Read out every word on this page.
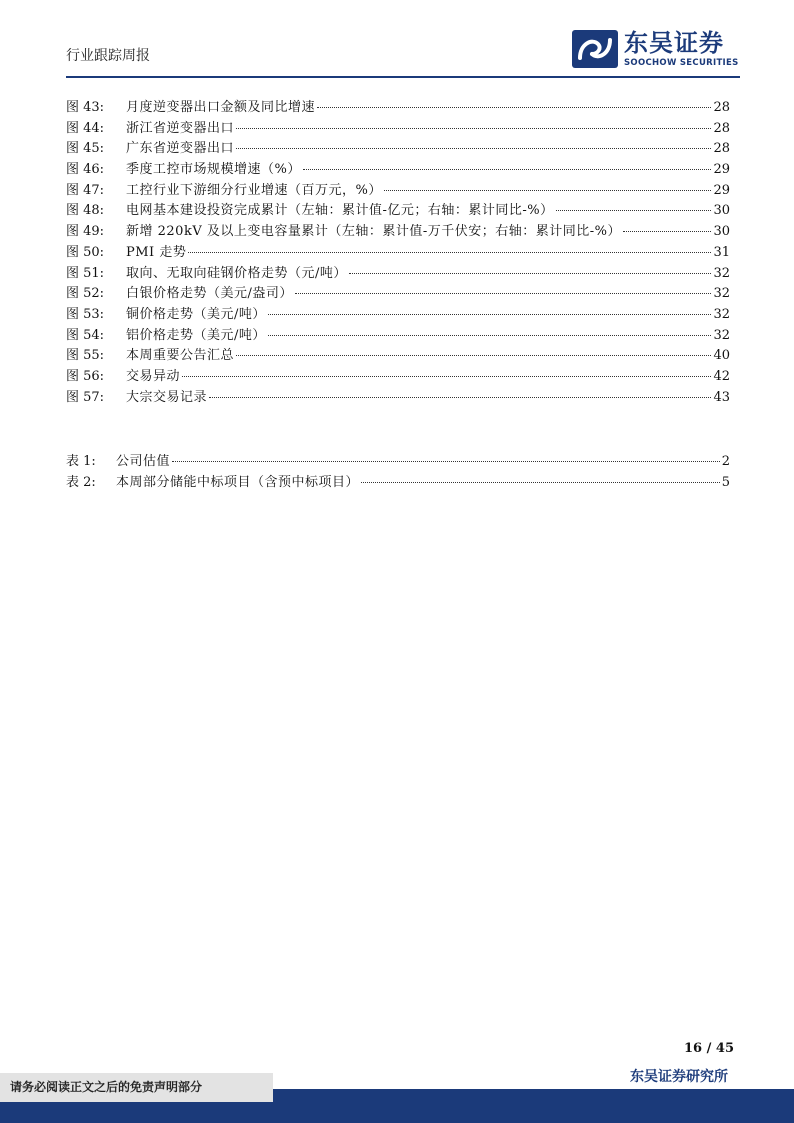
行业跟踪周报	东吴证券
SOOCHOW SECURITIES
图 43:	月度逆变器出口金额及同比增速	28
图 44:	浙江省逆变器出口	28
图 45:	广东省逆变器出口	28
图 46:	季度工控市场规模增速（%）	29
图 47:	工控行业下游细分行业增速（百万元，%）	29
图 48:	电网基本建设投资完成累计（左轴：累计值-亿元；右轴：累计同比-%）	30
图 49:	新增 220kV 及以上变电容量累计（左轴：累计值-万千伏安；右轴：累计同比-%）	30
图 50:	PMI 走势	31
图 51:	取向、无取向硅钢价格走势（元/吨）	32
图 52:	白银价格走势（美元/盎司）	32
图 53:	铜价格走势（美元/吨）	32
图 54:	铝价格走势（美元/吨）	32
图 55:	本周重要公告汇总	40
图 56:	交易异动	42
图 57:	大宗交易记录	43
表 1:	公司估值	2
表 2:	本周部分储能中标项目（含预中标项目）	5
16 / 45
请务必阅读正文之后的免责声明部分
东吴证券研究所
